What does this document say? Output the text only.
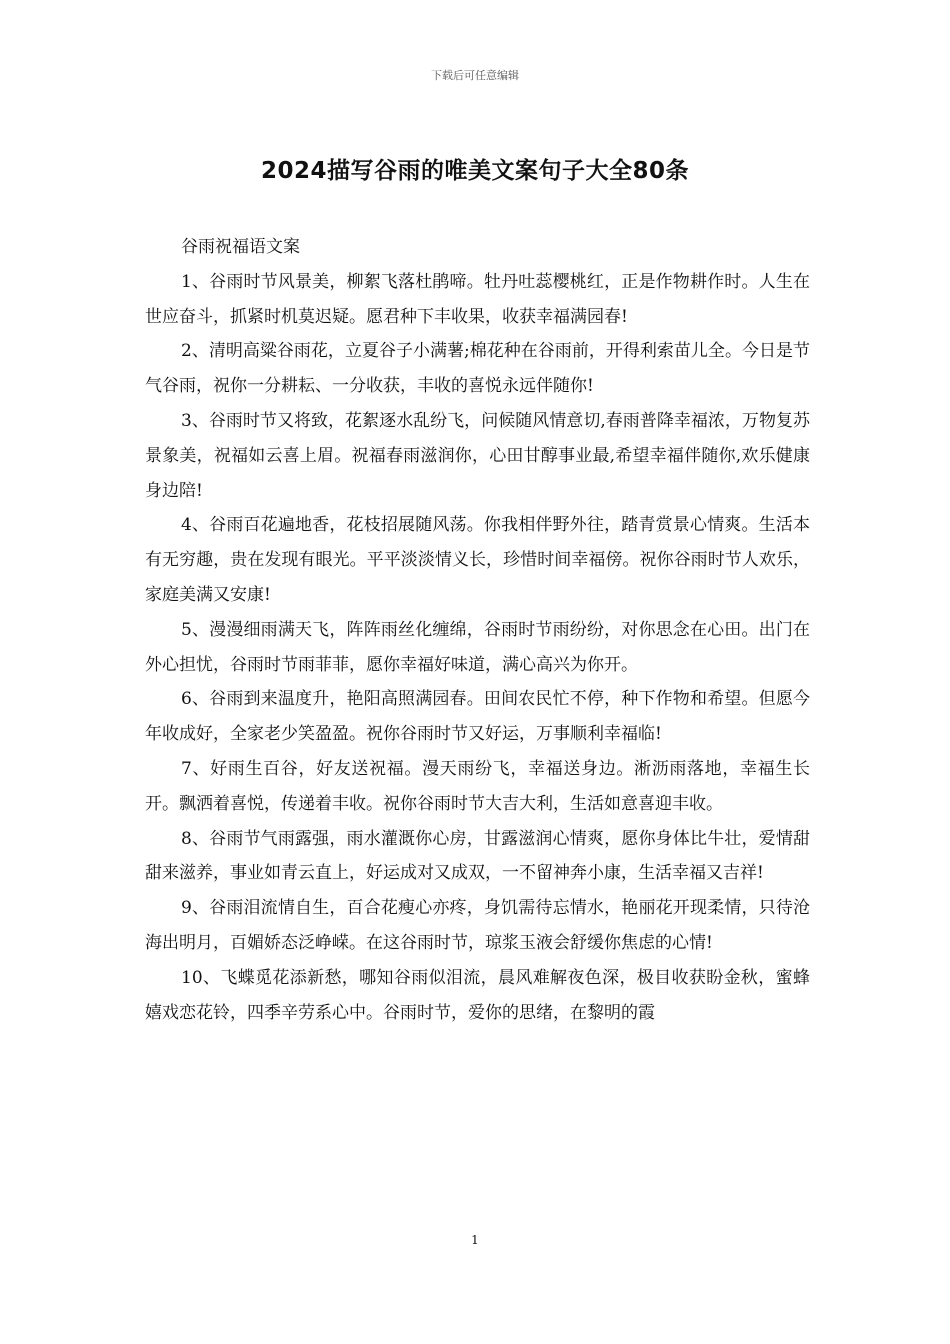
下载后可任意编辑
2024描写谷雨的唯美文案句子大全80条

谷雨祝福语文案

1、谷雨时节风景美，柳絮飞落杜鹃啼。牡丹吐蕊樱桃红，正是作物耕作时。人生在世应奋斗，抓紧时机莫迟疑。愿君种下丰收果，收获幸福满园春!

2、清明高粱谷雨花，立夏谷子小满薯;棉花种在谷雨前，开得利索苗儿全。今日是节气谷雨，祝你一分耕耘、一分收获，丰收的喜悦永远伴随你!

3、谷雨时节又将致，花絮逐水乱纷飞，问候随风情意切,春雨普降幸福浓，万物复苏景象美，祝福如云喜上眉。祝福春雨滋润你，心田甘醇事业最,希望幸福伴随你,欢乐健康身边陪!

4、谷雨百花遍地香，花枝招展随风荡。你我相伴野外往，踏青赏景心情爽。生活本有无穷趣，贵在发现有眼光。平平淡淡情义长，珍惜时间幸福傍。祝你谷雨时节人欢乐，家庭美满又安康!

5、漫漫细雨满天飞，阵阵雨丝化缠绵，谷雨时节雨纷纷，对你思念在心田。出门在外心担忧，谷雨时节雨菲菲，愿你幸福好味道，满心高兴为你开。

6、谷雨到来温度升，艳阳高照满园春。田间农民忙不停，种下作物和希望。但愿今年收成好，全家老少笑盈盈。祝你谷雨时节又好运，万事顺利幸福临!

7、好雨生百谷，好友送祝福。漫天雨纷飞，幸福送身边。淅沥雨落地，幸福生长开。飘洒着喜悦，传递着丰收。祝你谷雨时节大吉大利，生活如意喜迎丰收。

8、谷雨节气雨露强，雨水灌溉你心房，甘露滋润心情爽，愿你身体比牛壮，爱情甜甜来滋养，事业如青云直上，好运成对又成双，一不留神奔小康，生活幸福又吉祥!

9、谷雨泪流情自生，百合花瘦心亦疼，身饥需待忘情水，艳丽花开现柔情，只待沧海出明月，百媚娇态泛峥嵘。在这谷雨时节，琼浆玉液会舒缓你焦虑的心情!

10、飞蝶觅花添新愁，哪知谷雨似泪流，晨风难解夜色深，极目收获盼金秋，蜜蜂嬉戏恋花铃，四季辛劳系心中。谷雨时节，爱你的思绪，在黎明的霞

1
